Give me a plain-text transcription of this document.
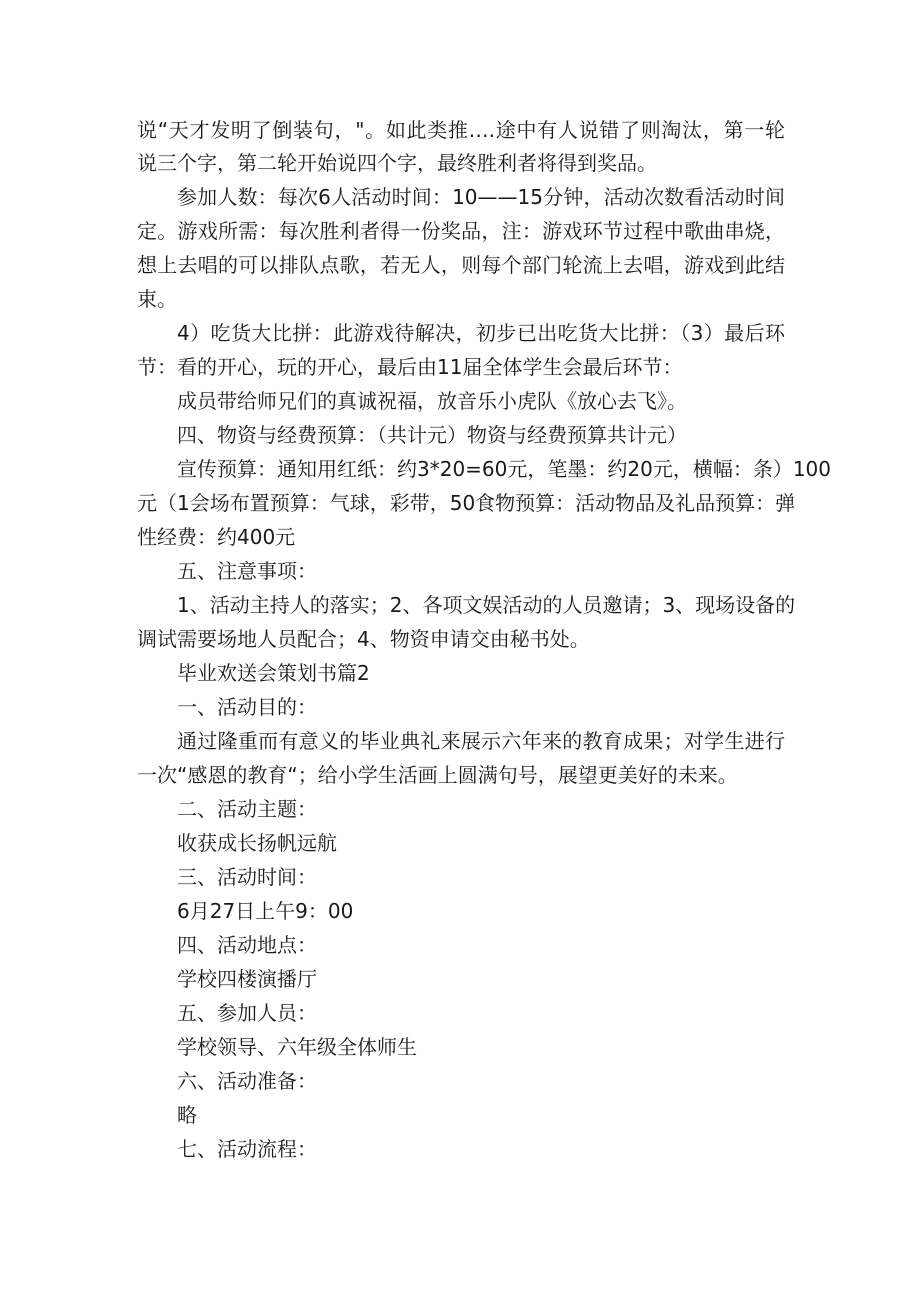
说“天才发明了倒装句，"。如此类推….途中有人说错了则淘汰，第一轮
说三个字，第二轮开始说四个字，最终胜利者将得到奖品。
参加人数：每次6人活动时间：10——15分钟，活动次数看活动时间
定。游戏所需：每次胜利者得一份奖品，注：游戏环节过程中歌曲串烧，
想上去唱的可以排队点歌，若无人，则每个部门轮流上去唱，游戏到此结
束。
4）吃货大比拼：此游戏待解决，初步已出吃货大比拼：（3）最后环
节：看的开心，玩的开心，最后由11届全体学生会最后环节：
成员带给师兄们的真诚祝福，放音乐小虎队《放心去飞》。
四、物资与经费预算：（共计元）物资与经费预算共计元）
宣传预算：通知用红纸：约3*20=60元，笔墨：约20元，横幅：条）100
元（1会场布置预算：气球，彩带，50食物预算：活动物品及礼品预算：弹
性经费：约400元
五、注意事项：
1、活动主持人的落实；2、各项文娱活动的人员邀请；3、现场设备的
调试需要场地人员配合；4、物资申请交由秘书处。
毕业欢送会策划书篇2
一、活动目的：
通过隆重而有意义的毕业典礼来展示六年来的教育成果；对学生进行
一次“感恩的教育“；给小学生活画上圆满句号，展望更美好的未来。
二、活动主题：
收获成长扬帆远航
三、活动时间：
6月27日上午9：00
四、活动地点：
学校四楼演播厅
五、参加人员：
学校领导、六年级全体师生
六、活动准备：
略
七、活动流程：
